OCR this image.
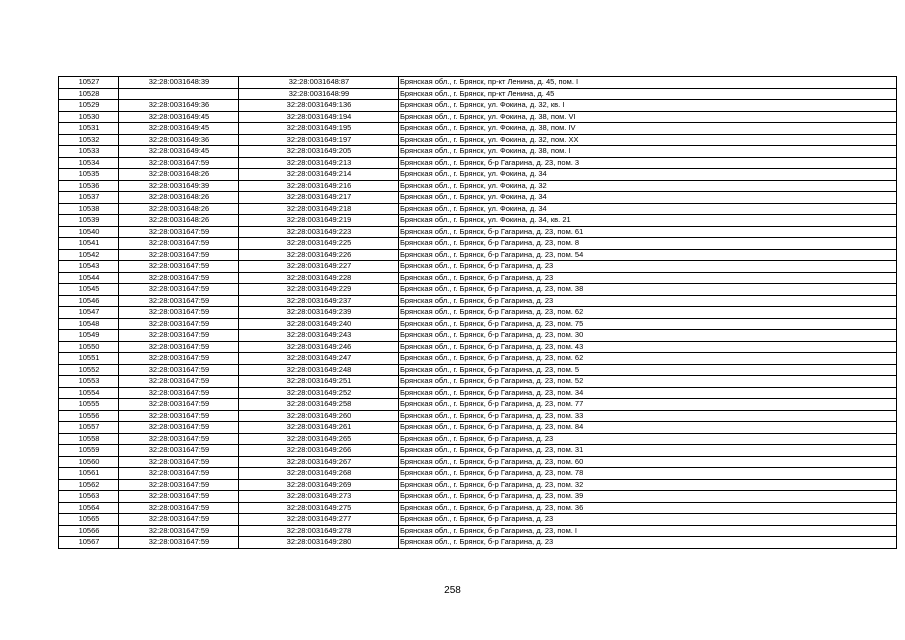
10527	32:28:0031648:39	32:28:0031648:87	Брянская обл., г. Брянск, пр-кт Ленина, д. 45, пом. I
10528		32:28:0031648:99	Брянская обл., г. Брянск, пр-кт Ленина, д. 45
10529	32:28:0031649:36	32:28:0031649:136	Брянская обл., г. Брянск, ул. Фокина, д. 32, кв. I
10530	32:28:0031649:45	32:28:0031649:194	Брянская обл., г. Брянск, ул. Фокина, д. 38, пом. VI
10531	32:28:0031649:45	32:28:0031649:195	Брянская обл., г. Брянск, ул. Фокина, д. 38, пом. IV
10532	32:28:0031649:36	32:28:0031649:197	Брянская обл., г. Брянск, ул. Фокина, д. 32, пом. XX
10533	32:28:0031649:45	32:28:0031649:205	Брянская обл., г. Брянск, ул. Фокина, д. 38, пом. I
10534	32:28:0031647:59	32:28:0031649:213	Брянская обл., г. Брянск, б-р Гагарина, д. 23, пом. 3
10535	32:28:0031648:26	32:28:0031649:214	Брянская обл., г. Брянск, ул. Фокина, д. 34
10536	32:28:0031649:39	32:28:0031649:216	Брянская обл., г. Брянск, ул. Фокина, д. 32
10537	32:28:0031648:26	32:28:0031649:217	Брянская обл., г. Брянск, ул. Фокина, д. 34
10538	32:28:0031648:26	32:28:0031649:218	Брянская обл., г. Брянск, ул. Фокина, д. 34
10539	32:28:0031648:26	32:28:0031649:219	Брянская обл., г. Брянск, ул. Фокина, д. 34, кв. 21
10540	32:28:0031647:59	32:28:0031649:223	Брянская обл., г. Брянск, б-р Гагарина, д. 23, пом. 61
10541	32:28:0031647:59	32:28:0031649:225	Брянская обл., г. Брянск, б-р Гагарина, д. 23, пом. 8
10542	32:28:0031647:59	32:28:0031649:226	Брянская обл., г. Брянск, б-р Гагарина, д. 23, пом. 54
10543	32:28:0031647:59	32:28:0031649:227	Брянская обл., г. Брянск, б-р Гагарина, д. 23
10544	32:28:0031647:59	32:28:0031649:228	Брянская обл., г. Брянск, б-р Гагарина, д. 23
10545	32:28:0031647:59	32:28:0031649:229	Брянская обл., г. Брянск, б-р Гагарина, д. 23, пом. 38
10546	32:28:0031647:59	32:28:0031649:237	Брянская обл., г. Брянск, б-р Гагарина, д. 23
10547	32:28:0031647:59	32:28:0031649:239	Брянская обл., г. Брянск, б-р Гагарина, д. 23, пом. 62
10548	32:28:0031647:59	32:28:0031649:240	Брянская обл., г. Брянск, б-р Гагарина, д. 23, пом. 75
10549	32:28:0031647:59	32:28:0031649:243	Брянская обл., г. Брянск, б-р Гагарина, д. 23, пом. 30
10550	32:28:0031647:59	32:28:0031649:246	Брянская обл., г. Брянск, б-р Гагарина, д. 23, пом. 43
10551	32:28:0031647:59	32:28:0031649:247	Брянская обл., г. Брянск, б-р Гагарина, д. 23, пом. 62
10552	32:28:0031647:59	32:28:0031649:248	Брянская обл., г. Брянск, б-р Гагарина, д. 23, пом. 5
10553	32:28:0031647:59	32:28:0031649:251	Брянская обл., г. Брянск, б-р Гагарина, д. 23, пом. 52
10554	32:28:0031647:59	32:28:0031649:252	Брянская обл., г. Брянск, б-р Гагарина, д. 23, пом. 34
10555	32:28:0031647:59	32:28:0031649:258	Брянская обл., г. Брянск, б-р Гагарина, д. 23, пом. 77
10556	32:28:0031647:59	32:28:0031649:260	Брянская обл., г. Брянск, б-р Гагарина, д. 23, пом. 33
10557	32:28:0031647:59	32:28:0031649:261	Брянская обл., г. Брянск, б-р Гагарина, д. 23, пом. 84
10558	32:28:0031647:59	32:28:0031649:265	Брянская обл., г. Брянск, б-р Гагарина, д. 23
10559	32:28:0031647:59	32:28:0031649:266	Брянская обл., г. Брянск, б-р Гагарина, д. 23, пом. 31
10560	32:28:0031647:59	32:28:0031649:267	Брянская обл., г. Брянск, б-р Гагарина, д. 23, пом. 60
10561	32:28:0031647:59	32:28:0031649:268	Брянская обл., г. Брянск, б-р Гагарина, д. 23, пом. 78
10562	32:28:0031647:59	32:28:0031649:269	Брянская обл., г. Брянск, б-р Гагарина, д. 23, пом. 32
10563	32:28:0031647:59	32:28:0031649:273	Брянская обл., г. Брянск, б-р Гагарина, д. 23, пом. 39
10564	32:28:0031647:59	32:28:0031649:275	Брянская обл., г. Брянск, б-р Гагарина, д. 23, пом. 36
10565	32:28:0031647:59	32:28:0031649:277	Брянская обл., г. Брянск, б-р Гагарина, д. 23
10566	32:28:0031647:59	32:28:0031649:278	Брянская обл., г. Брянск, б-р Гагарина, д. 23, пом. I
10567	32:28:0031647:59	32:28:0031649:280	Брянская обл., г. Брянск, б-р Гагарина, д. 23
258
